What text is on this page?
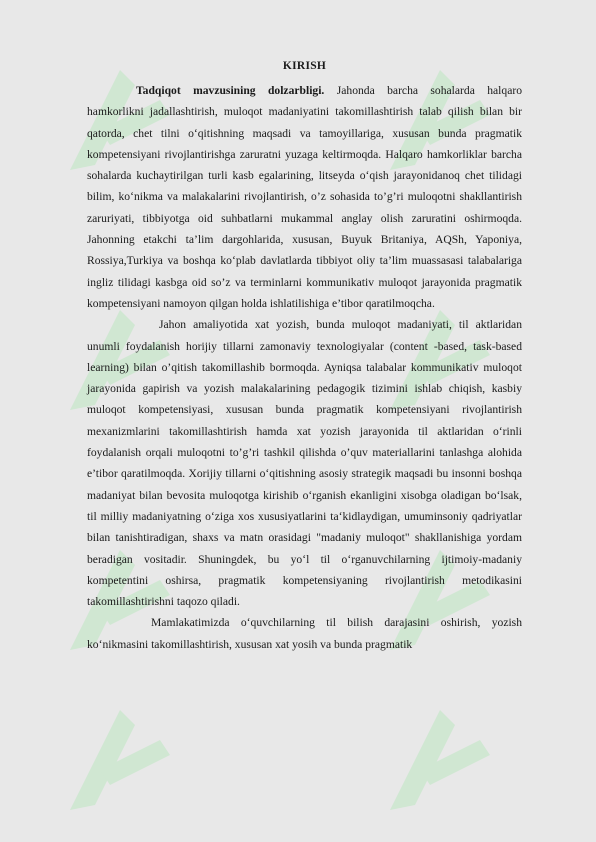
KIRISH

Tadqiqot mavzusining dolzarbligi. Jahonda barcha sohalarda halqaro hamkorlikni jadallashtirish, muloqot madaniyatini takomillashtirish talab qilish bilan bir qatorda, chet tilni o‘qitishning maqsadi va tamoyillariga, xususan bunda pragmatik kompetensiyani rivojlantirishga zaruratni yuzaga keltirmoqda. Halqaro hamkorliklar barcha sohalarda kuchaytirilgan turli kasb egalarining, litseyda o‘qish jarayonidanoq chet tilidagi bilim, ko‘nikma va malakalarini rivojlantirish, o’z sohasida to’g’ri muloqotni shakllantirish zaruriyati, tibbiyotga oid suhbatlarni mukammal anglay olish zaruratini oshirmoqda. Jahonning etakchi ta’lim dargohlarida, xususan, Buyuk Britaniya, AQSh, Yaponiya, Rossiya,Turkiya va boshqa ko‘plab davlatlarda tibbiyot oliy ta’lim muassasasi talabalariga ingliz tilidagi kasbga oid so’z va terminlarni kommunikativ muloqot jarayonida pragmatik kompetensiyani namoyon qilgan holda ishlatilishiga e’tibor qaratilmoqcha.

Jahon amaliyotida xat yozish, bunda muloqot madaniyati, til aktlaridan unumli foydalanish horijiy tillarni zamonaviy texnologiyalar (content -based, task-based learning) bilan o’qitish takomillashib bormoqda. Ayniqsa talabalar kommunikativ muloqot jarayonida gapirish va yozish malakalarining pedagogik tizimini ishlab chiqish, kasbiy muloqot kompetensiyasi, xususan bunda pragmatik kompetensiyani rivojlantirish mexanizmlarini takomillashtirish hamda xat yozish jarayonida til aktlaridan o‘rinli foydalanish orqali muloqotni to’g’ri tashkil qilishda o’quv materiallarini tanlashga alohida e’tibor qaratilmoqda. Xorijiy tillarni o‘qitishning asosiy strategik maqsadi bu insonni boshqa madaniyat bilan bevosita muloqotga kirishib o‘rganish ekanligini xisobga oladigan bo‘lsak, til milliy madaniyatning o‘ziga xos xususiyatlarini ta‘kidlaydigan, umuminsoniy qadriyatlar bilan tanishtiradigan, shaxs va matn orasidagi "madaniy muloqot" shakllanishiga yordam beradigan vositadir. Shuningdek, bu yo‘l til o‘rganuvchilarning ijtimoiy-madaniy kompetentini oshirsa, pragmatik kompetensiyaning rivojlantirish metodikasini takomillashtirishni taqozo qiladi.

Mamlakatimizda o‘quvchilarning til bilish darajasini oshirish, yozish ko‘nikmasini takomillashtirish, xususan xat yosih va bunda pragmatik
